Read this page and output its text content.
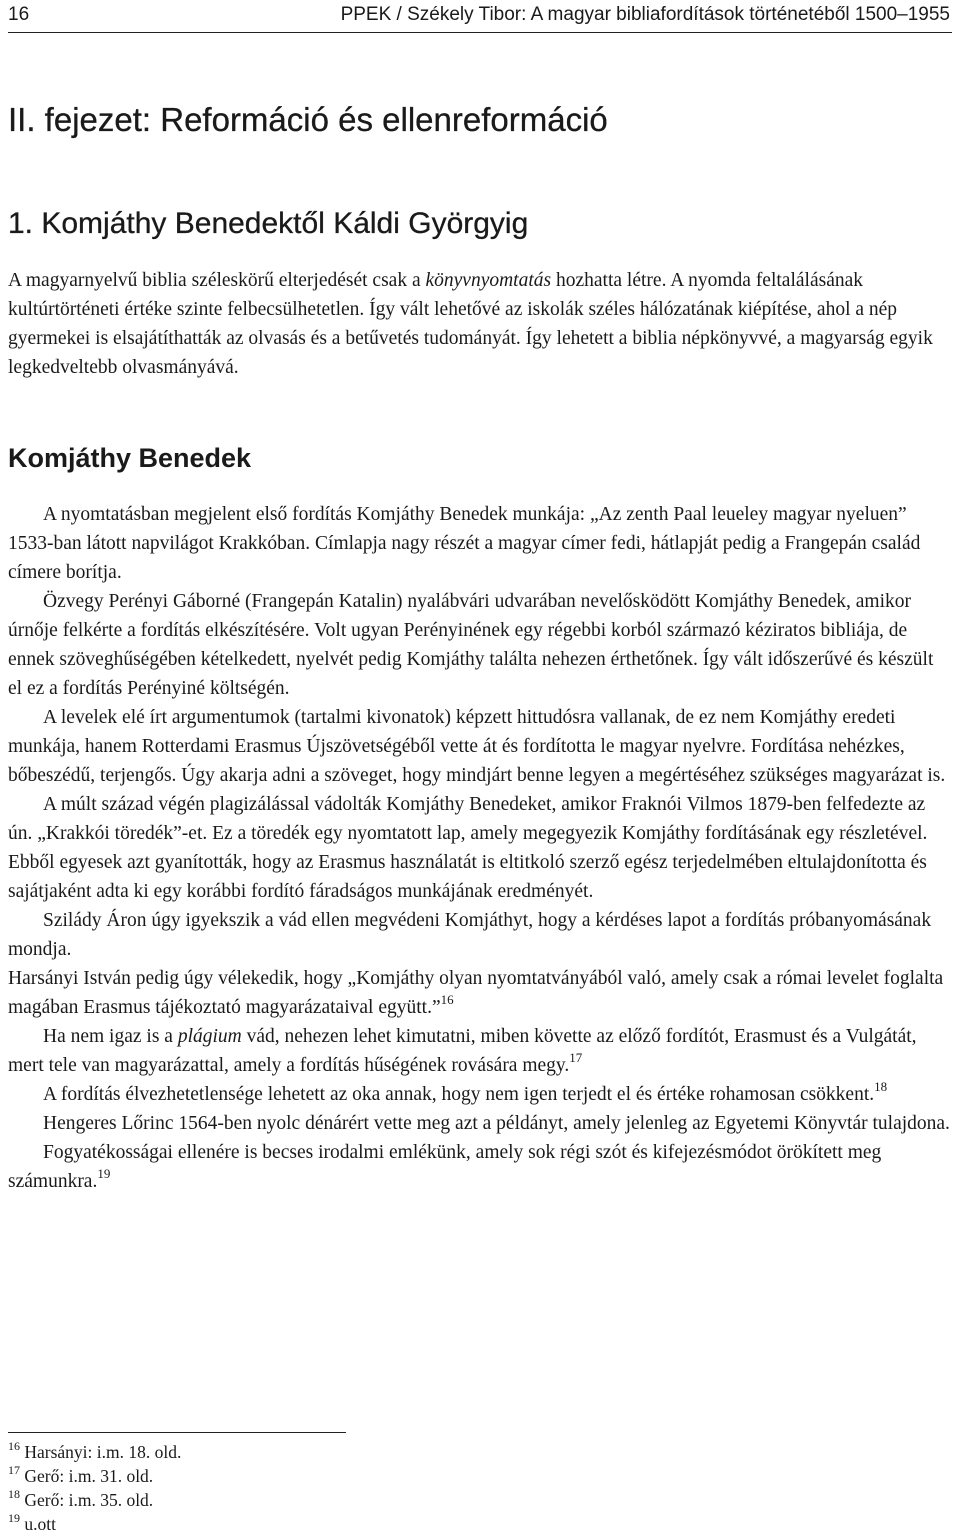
16	PPEK / Székely Tibor: A magyar bibliafordítások történetéből 1500–1955
II. fejezet: Reformáció és ellenreformáció
1. Komjáthy Benedektől Káldi Györgyig

A magyarnyelvű biblia széleskörű elterjedését csak a könyvnyomtatás hozhatta létre. A nyomda feltalálásának kultúrtörténeti értéke szinte felbecsülhetetlen. Így vált lehetővé az iskolák széles hálózatának kiépítése, ahol a nép gyermekei is elsajátíthatták az olvasás és a betűvetés tudományát. Így lehetett a biblia népkönyvvé, a magyarság egyik legkedveltebb olvasmányává.

Komjáthy Benedek

A nyomtatásban megjelent első fordítás Komjáthy Benedek munkája: „Az zenth Paal leueley magyar nyeluen” 1533-ban látott napvilágot Krakkóban. Címlapja nagy részét a magyar címer fedi, hátlapját pedig a Frangepán család címere borítja.

Özvegy Perényi Gáborné (Frangepán Katalin) nyalábvári udvarában nevelősködött Komjáthy Benedek, amikor úrnője felkérte a fordítás elkészítésére. Volt ugyan Perényinének egy régebbi korból származó kéziratos bibliája, de ennek szöveghűségében kételkedett, nyelvét pedig Komjáthy találta nehezen érthetőnek. Így vált időszerűvé és készült el ez a fordítás Perényiné költségén.

A levelek elé írt argumentumok (tartalmi kivonatok) képzett hittudósra vallanak, de ez nem Komjáthy eredeti munkája, hanem Rotterdami Erasmus Újszövetségéből vette át és fordította le magyar nyelvre. Fordítása nehézkes, bőbeszédű, terjengős. Úgy akarja adni a szöveget, hogy mindjárt benne legyen a megértéséhez szükséges magyarázat is.

A múlt század végén plagizálással vádolták Komjáthy Benedeket, amikor Fraknói Vilmos 1879-ben felfedezte az ún. „Krakkói töredék”-et. Ez a töredék egy nyomtatott lap, amely megegyezik Komjáthy fordításának egy részletével. Ebből egyesek azt gyanították, hogy az Erasmus használatát is eltitkoló szerző egész terjedelmében eltulajdonította és sajátjaként adta ki egy korábbi fordító fáradságos munkájának eredményét.

Szilády Áron úgy igyekszik a vád ellen megvédeni Komjáthyt, hogy a kérdéses lapot a fordítás próbanyomásának mondja.

Harsányi István pedig úgy vélekedik, hogy „Komjáthy olyan nyomtatványából való, amely csak a római levelet foglalta magában Erasmus tájékoztató magyarázataival együtt.”$^{16}$

Ha nem igaz is a plágium vád, nehezen lehet kimutatni, miben követte az előző fordítót, Erasmust és a Vulgátát, mert tele van magyarázattal, amely a fordítás hűségének rovására megy.$^{17}$

A fordítás élvezhetetlensége lehetett az oka annak, hogy nem igen terjedt el és értéke rohamosan csökkent.$^{18}$

Hengeres Lőrinc 1564-ben nyolc dénárért vette meg azt a példányt, amely jelenleg az Egyetemi Könyvtár tulajdona.

Fogyatékosságai ellenére is becses irodalmi emlékünk, amely sok régi szót és kifejezésmódot örökített meg számunkra.$^{19}$

$^{16}$ Harsányi: i.m. 18. old.

$^{17}$ Gerő: i.m. 31. old.

$^{18}$ Gerő: i.m. 35. old.

$^{19}$ u.ott
